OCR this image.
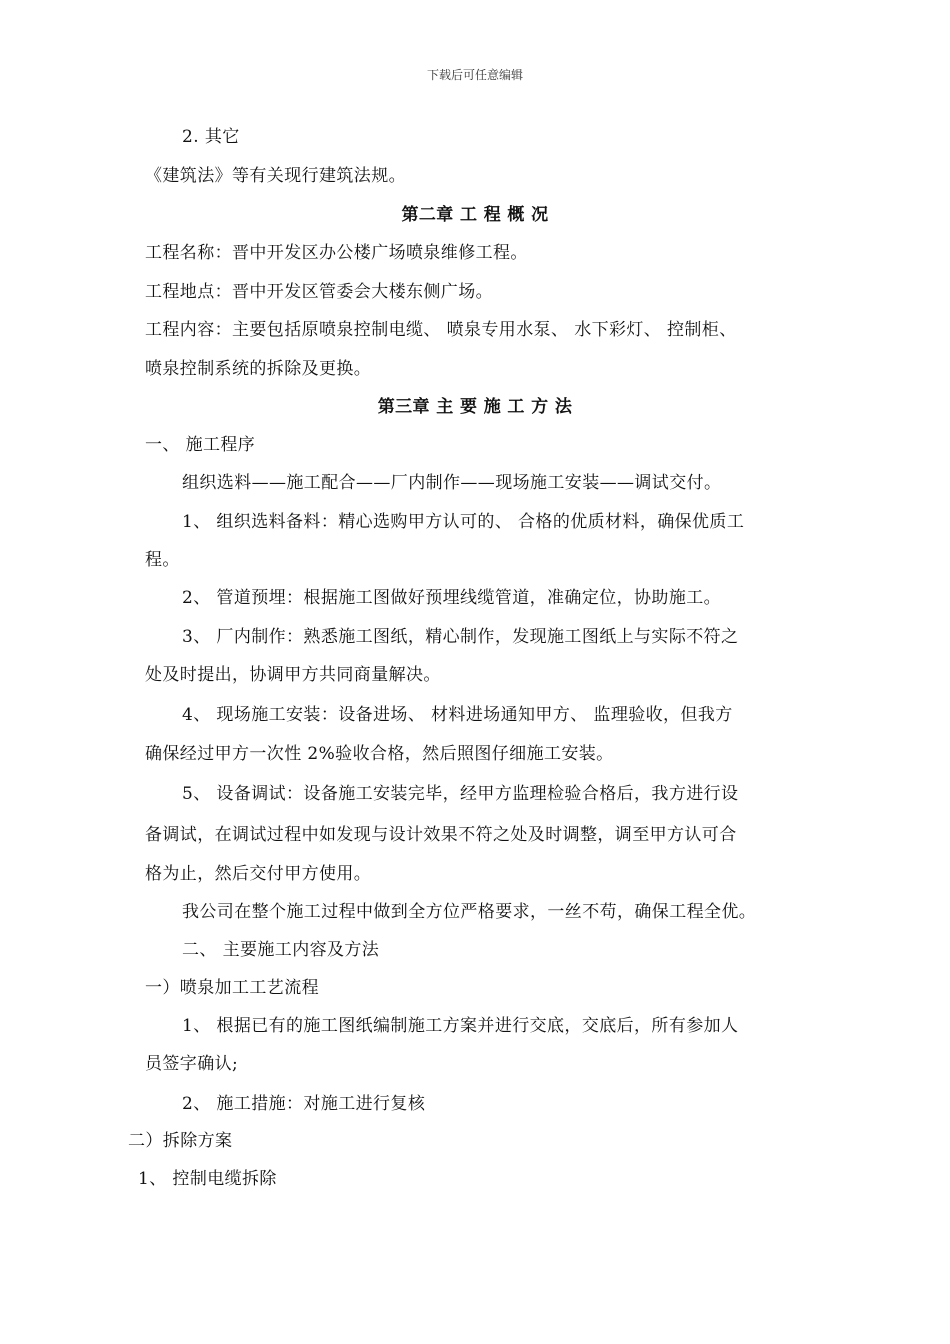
下载后可任意编辑
2. 其它
《建筑法》等有关现行建筑法规。
第二章 工 程 概 况
工程名称：晋中开发区办公楼广场喷泉维修工程。
工程地点：晋中开发区管委会大楼东侧广场。
工程内容：主要包括原喷泉控制电缆、 喷泉专用水泵、 水下彩灯、 控制柜、
喷泉控制系统的拆除及更换。
第三章 主 要 施 工 方 法
一、 施工程序
组织选料——施工配合——厂内制作——现场施工安装——调试交付。
1、 组织选料备料：精心选购甲方认可的、 合格的优质材料，确保优质工
程。
2、 管道预埋：根据施工图做好预埋线缆管道，准确定位，协助施工。
3、 厂内制作：熟悉施工图纸，精心制作，发现施工图纸上与实际不符之
处及时提出，协调甲方共同商量解决。
4、 现场施工安装：设备进场、 材料进场通知甲方、 监理验收，但我方
确保经过甲方一次性 2%验收合格，然后照图仔细施工安装。
5、 设备调试：设备施工安装完毕，经甲方监理检验合格后，我方进行设
备调试，在调试过程中如发现与设计效果不符之处及时调整，调至甲方认可合
格为止，然后交付甲方使用。
我公司在整个施工过程中做到全方位严格要求，一丝不苟，确保工程全优。
二、 主要施工内容及方法
一）喷泉加工工艺流程
1、 根据已有的施工图纸编制施工方案并进行交底，交底后，所有参加人
员签字确认;
2、 施工措施：对施工进行复核
二）拆除方案
1、 控制电缆拆除
